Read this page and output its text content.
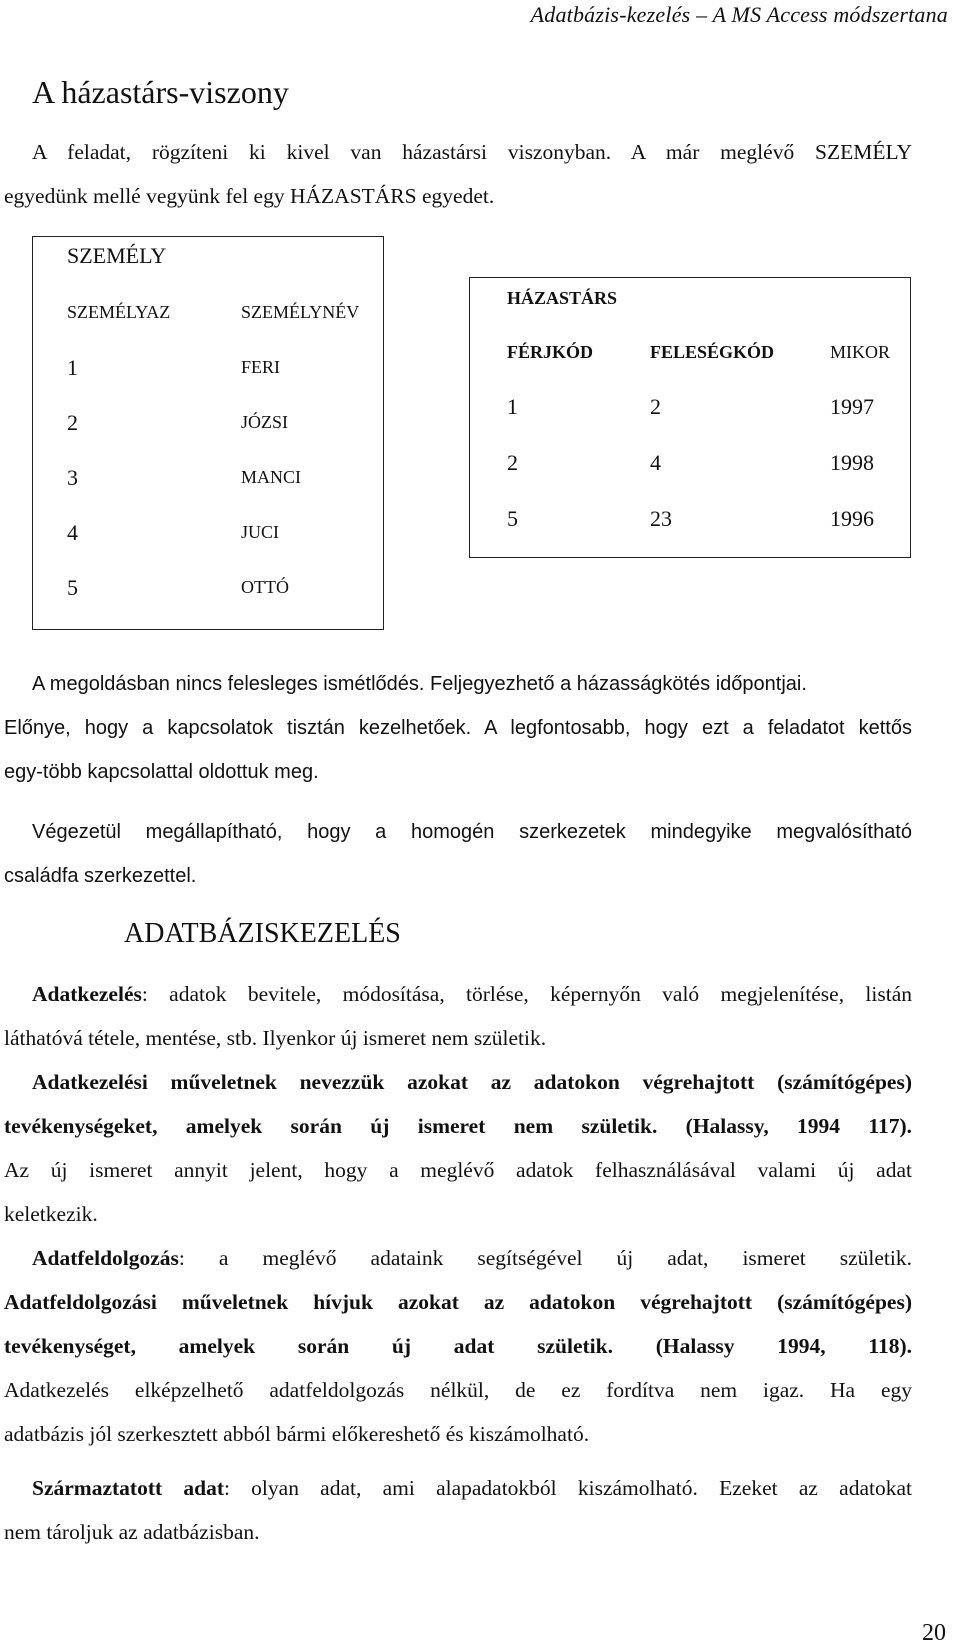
Adatbázis-kezelés – A MS Access módszertana
A házastárs-viszony
A feladat, rögzíteni ki kivel van házastársi viszonyban. A már meglévő SZEMÉLY
egyedünk mellé vegyünk fel egy HÁZASTÁRS egyedet.
SZEMÉLY
SZEMÉLYAZ	SZEMÉLYNÉV
1	FERI
2	JÓZSI
3	MANCI
4	JUCI
5	OTTÓ
HÁZASTÁRS
FÉRJKÓD	FELESÉGKÓD	MIKOR
1	2	1997
2	4	1998
5	23	1996
A megoldásban nincs felesleges ismétlődés. Feljegyezhető a házasságkötés időpontjai.
Előnye, hogy a kapcsolatok tisztán kezelhetőek. A legfontosabb, hogy ezt a feladatot kettős
egy-több kapcsolattal oldottuk meg.
Végezetül megállapítható, hogy a homogén szerkezetek mindegyike megvalósítható
családfa szerkezettel.
ADATBÁZISKEZELÉS
Adatkezelés: adatok bevitele, módosítása, törlése, képernyőn való megjelenítése, listán
láthatóvá tétele, mentése, stb. Ilyenkor új ismeret nem születik.
Adatkezelési műveletnek nevezzük azokat az adatokon végrehajtott (számítógépes)
tevékenységeket, amelyek során új ismeret nem születik. (Halassy, 1994 117).
Az új ismeret annyit jelent, hogy a meglévő adatok felhasználásával valami új adat
keletkezik.
Adatfeldolgozás: a meglévő adataink segítségével új adat, ismeret születik.
Adatfeldolgozási műveletnek hívjuk azokat az adatokon végrehajtott (számítógépes)
tevékenységet, amelyek során új adat születik. (Halassy 1994, 118).
Adatkezelés elképzelhető adatfeldolgozás nélkül, de ez fordítva nem igaz. Ha egy
adatbázis jól szerkesztett abból bármi előkereshető és kiszámolható.
Származtatott adat: olyan adat, ami alapadatokból kiszámolható. Ezeket az adatokat
nem tároljuk az adatbázisban.
20
